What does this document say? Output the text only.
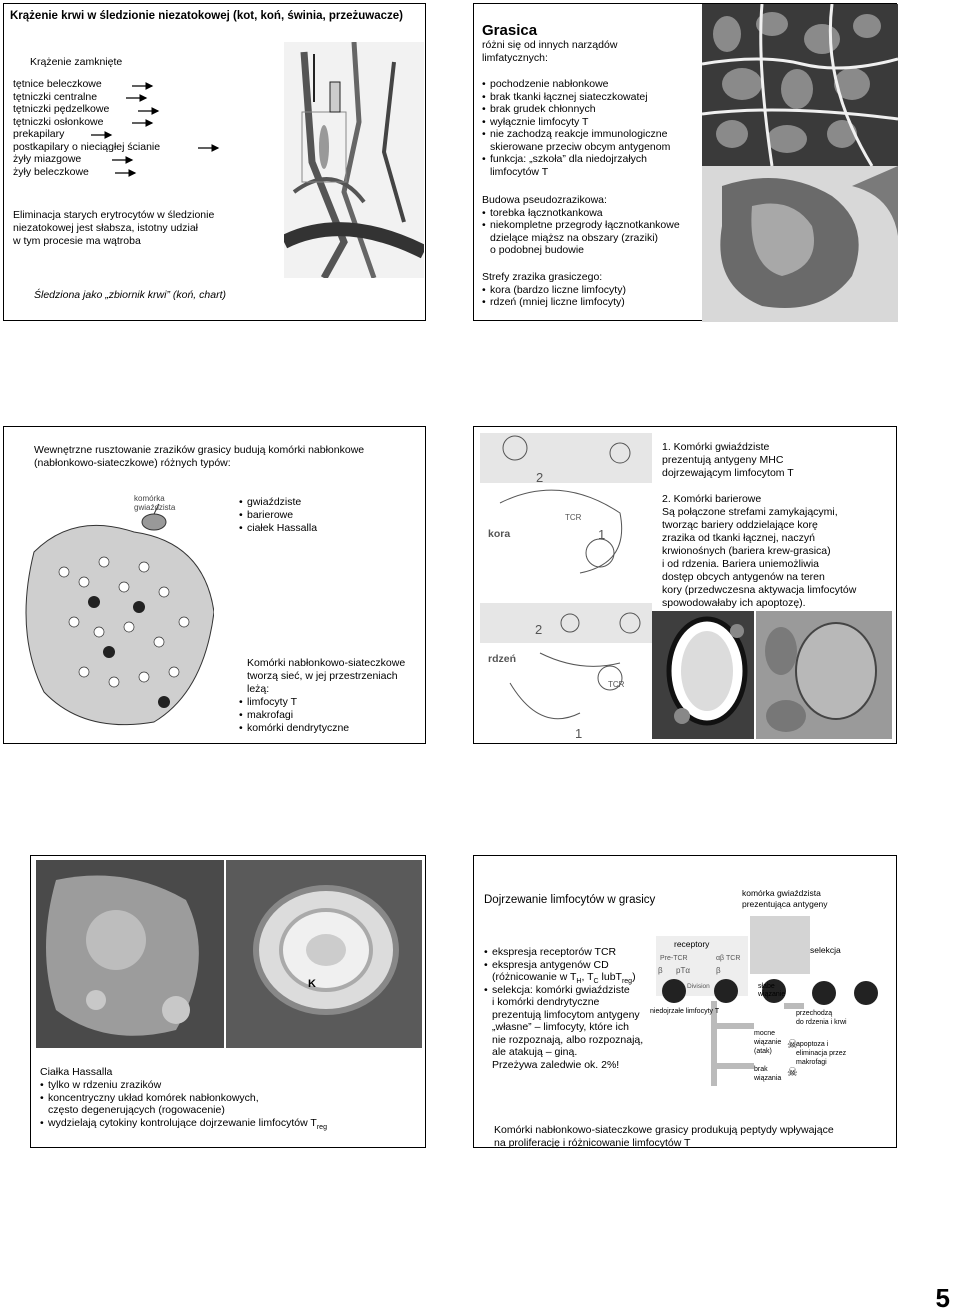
Krążenie krwi w śledzionie niezatokowej (kot, koń, świnia, przeżuwacze)
Krążenie zamknięte
tętnice beleczkowe
tętniczki centralne
tętniczki pędzelkowe
tętniczki osłonkowe
prekapilary
postkapilary o nieciągłej ścianie
żyły miazgowe
żyły beleczkowe
Eliminacja starych erytrocytów w śledzionie
niezatokowej jest słabsza, istotny udział
w tym procesie ma wątroba
Śledziona jako „zbiornik krwi” (koń, chart)
Grasica
różni się od innych narządów
limfatycznych:
• pochodzenie nabłonkowe
• brak tkanki łącznej siateczkowatej
• brak grudek chłonnych
• wyłącznie limfocyty T
• nie zachodzą reakcje immunologiczne
skierowane przeciw obcym antygenom
• funkcja: „szkoła” dla niedojrzałych
limfocytów T
Budowa pseudozrazikowa:
• torebka łącznotkankowa
• niekompletne przegrody łącznotkankowe
dzielące miąższ na obszary (zraziki)
o podobnej budowie
Strefy zrazika grasiczego:
• kora (bardzo liczne limfocyty)
• rdzeń (mniej liczne limfocyty)
Wewnętrzne rusztowanie zrazików grasicy budują komórki nabłonkowe
(nabłonkowo-siateczkowe) różnych typów:
komórka
gwiaździsta
•	gwiaździste
• barierowe
• ciałek Hassalla
Komórki nabłonkowo-siateczkowe
tworzą sieć, w jej przestrzeniach
leżą:
• limfocyty T
• makrofagi
• komórki dendrytyczne
kora
rdzeń
TCR
TCR
1
1
2
2
1. Komórki gwiaździste
prezentują antygeny MHC
dojrzewającym limfocytom T
2. Komórki barierowe
Są połączone strefami zamykającymi,
tworząc bariery oddzielające korę
zrazika od tkanki łącznej, naczyń
krwionośnych (bariera krew-grasica)
i od rdzenia. Bariera uniemożliwia
dostęp obcych antygenów na teren
kory (przedwczesna aktywacja limfocytów
spowodowałaby ich apoptozę).
K
Ciałka Hassalla
• tylko w rdzeniu zrazików
• koncentryczny układ komórek nabłonkowych,
często degenerujących (rogowacenie)
• wydzielają cytokiny kontrolujące dojrzewanie limfocytów $T_{reg}$
Dojrzewanie limfocytów w grasicy
komórka gwiaździsta
prezentująca antygeny
• ekspresja receptorów TCR
• ekspresja antygenów CD
(różnicowanie w $T_H$, $T_C$ lubT$_{reg}$)
• selekcja: komórki gwiaździste
i komórki dendrytyczne
prezentują limfocytom antygeny
„własne” – limfocyty, które ich
nie rozpoznają, albo rozpoznają,
ale atakują – giną.
Przeżywa zaledwie ok. 2%!
receptory
selekcja
Pre-TCR	αβ TCR
β pTα	β
Division
niedojrzałe limfocyty T
słabe
wiązanie
mocne
wiązanie
(atak)
brak
wiązania
przechodzą
do rdzenia i krwi
apoptoza i
eliminacja przez
makrofagi
☠
☠
Komórki nabłonkowo-siateczkowe grasicy produkują peptydy wpływające
na proliferację i różnicowanie limfocytów T
5
